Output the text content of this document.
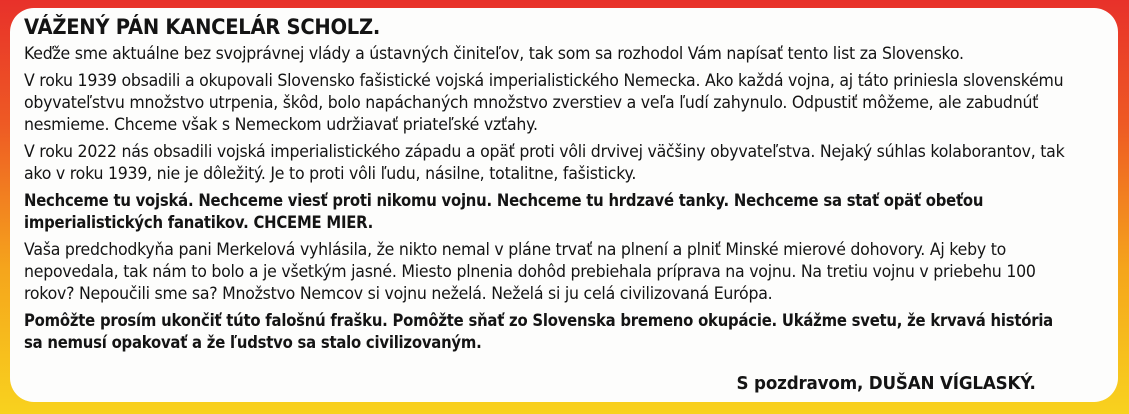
VÁŽENÝ PÁN KANCELÁR SCHOLZ.

Keďže sme aktuálne bez svojprávnej vlády a ústavných činiteľov, tak som sa rozhodol Vám napísať tento list za Slovensko.

V roku 1939 obsadili a okupovali Slovensko fašistické vojská imperialistického Nemecka. Ako každá vojna, aj táto priniesla slovenskému obyvateľstvu množstvo utrpenia, škôd, bolo napáchaných množstvo zverstiev a veľa ľudí zahynulo. Odpustiť môžeme, ale zabudnúť nesmieme. Chceme však s Nemeckom udržiavať priateľské vzťahy.

V roku 2022 nás obsadili vojská imperialistického západu a opäť proti vôli drvivej väčšiny obyvateľstva. Nejaký súhlas kolaborantov, tak ako v roku 1939, nie je dôležitý. Je to proti vôli ľudu, násilne, totalitne, fašisticky.

Nechceme tu vojská. Nechceme viesť proti nikomu vojnu. Nechceme tu hrdzavé tanky. Nechceme sa stať opäť obeťou imperialistických fanatikov. CHCEME MIER.

Vaša predchodkyňa pani Merkelová vyhlásila, že nikto nemal v pláne trvať na plnení a plniť Minské mierové dohovory. Aj keby to nepovedala, tak nám to bolo a je všetkým jasné. Miesto plnenia dohôd prebiehala príprava na vojnu. Na tretiu vojnu v priebehu 100 rokov? Nepoučili sme sa? Množstvo Nemcov si vojnu neželá. Neželá si ju celá civilizovaná Európa.

Pomôžte prosím ukončiť túto falošnú frašku. Pomôžte sňať zo Slovenska bremeno okupácie. Ukážme svetu, že krvavá história sa nemusí opakovať a že ľudstvo sa stalo civilizovaným.

S pozdravom, DUŠAN VÍGLASKÝ.
